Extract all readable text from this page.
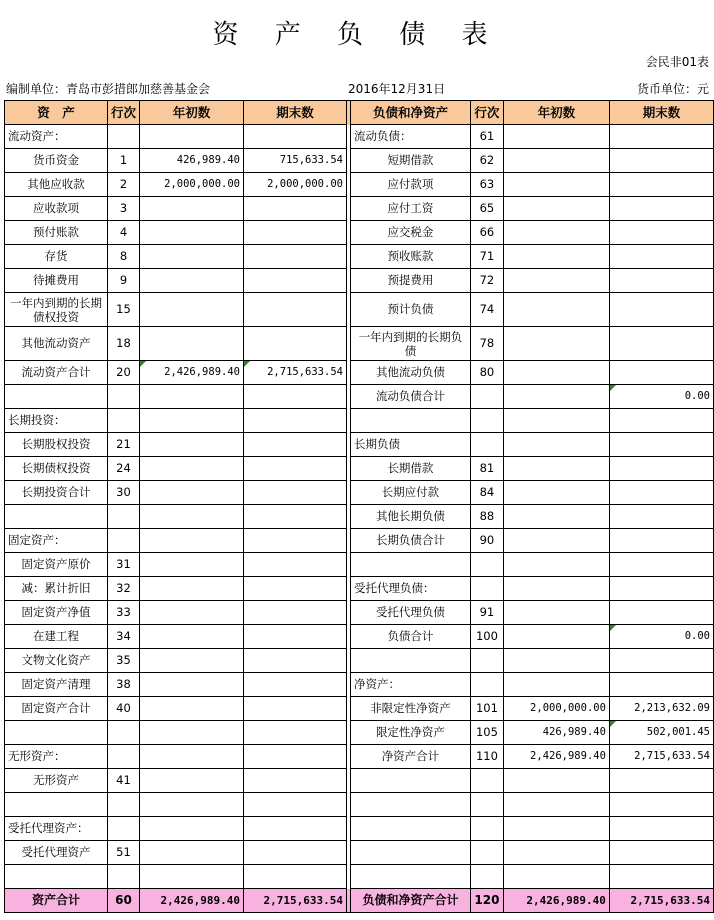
资 产 负 债 表
会民非01表
编制单位：青岛市彭措郎加慈善基金会	2016年12月31日	货币单位：元
资　产	行次	年初数	期末数		负债和净资产	行次	年初数	期末数
流动资产：					流动负债：	61		
货币资金	1	426,989.40	715,633.54		短期借款	62		
其他应收款	2	2,000,000.00	2,000,000.00		应付款项	63		
应收款项	3				应付工资	65		
预付账款	4				应交税金	66		
存货	8				预收账款	71		
待摊费用	9				预提费用	72		
一年内到期的长期债权投资	15				预计负债	74		
其他流动资产	18				一年内到期的长期负债	78		
流动资产合计	20	2,426,989.40	2,715,633.54		其他流动负债	80		
					流动负债合计			0.00

长期投资：								
长期股权投资	21				长期负债			
长期债权投资	24				长期借款	81		
长期投资合计	30				长期应付款	84		
					其他长期负债	88		
固定资产：					长期负债合计	90		
固定资产原价	31							
减：累计折旧	32				受托代理负债：			
固定资产净值	33				受托代理负债	91		
在建工程	34				负债合计	100		0.00

文物文化资产	35							
固定资产清理	38				净资产：			
固定资产合计	40				非限定性净资产	101	2,000,000.00	2,213,632.09
					限定性净资产	105	426,989.40	502,001.45

无形资产：					净资产合计	110	2,426,989.40	2,715,633.54
无形资产	41							

受托代理资产：								
受托代理资产	51							

资产合计	60	2,426,989.40	2,715,633.54		负债和净资产合计	120	2,426,989.40	2,715,633.54
